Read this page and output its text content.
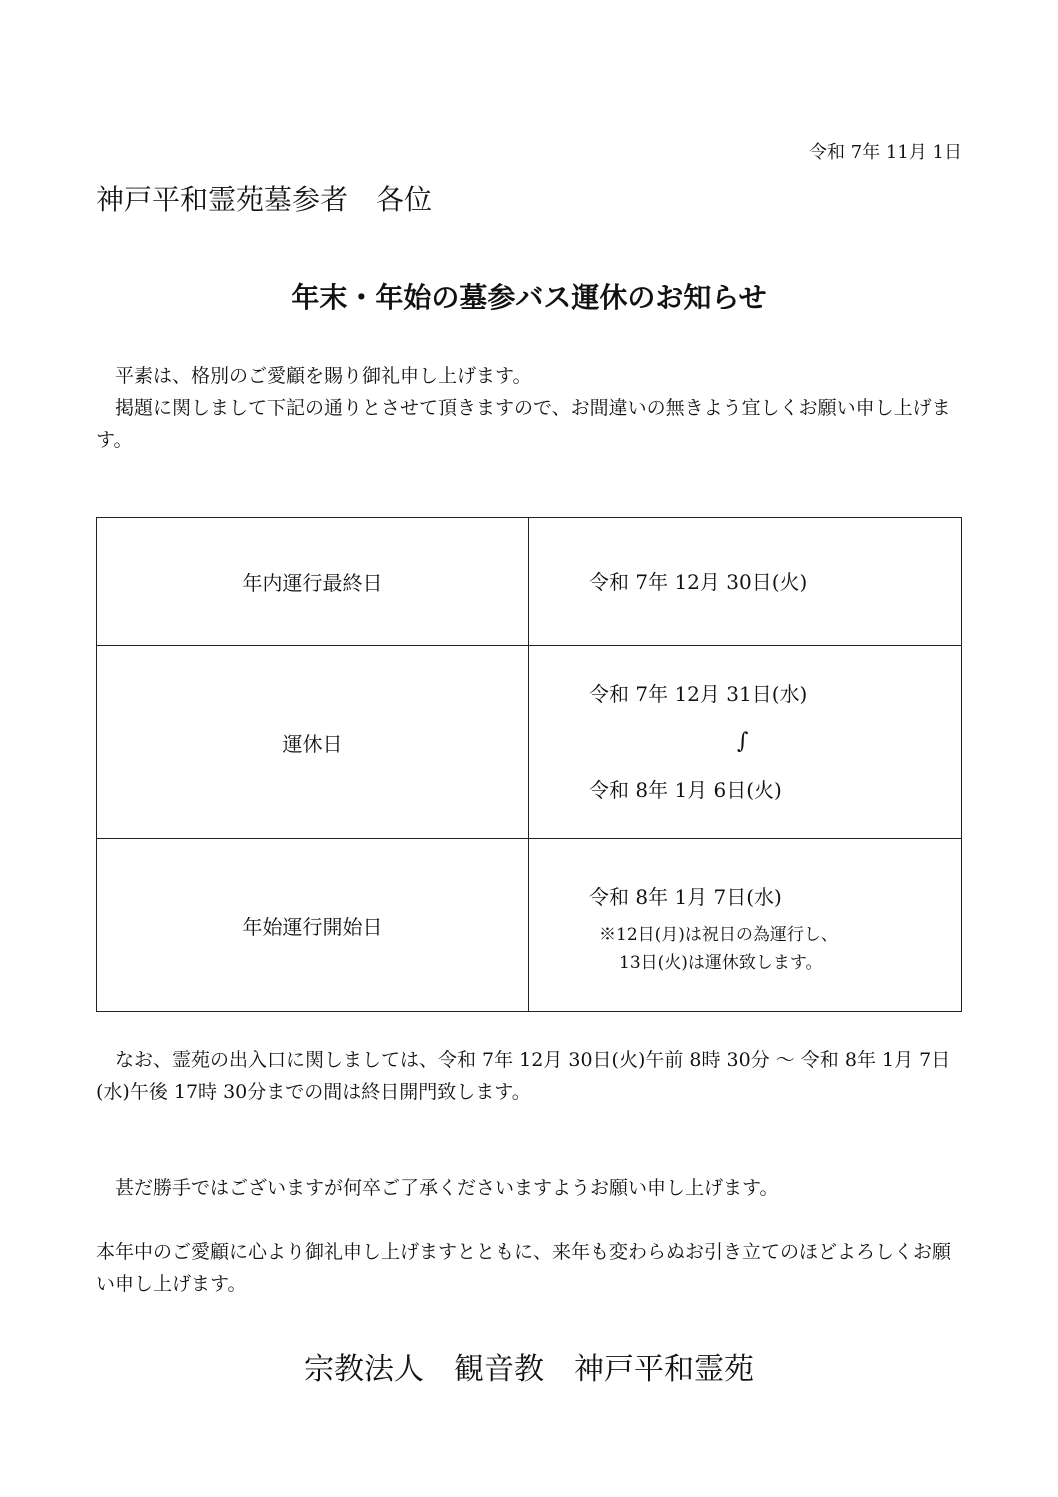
令和 7年 11月 1日
神戸平和霊苑墓参者　各位
年末・年始の墓参バス運休のお知らせ
　平素は、格別のご愛顧を賜り御礼申し上げます。
　掲題に関しまして下記の通りとさせて頂きますので、お間違いの無きよう宜しくお願い申し上げます。
年内運行最終日	令和 7年 12月 30日(火)

運休日	令和 7年 12月 31日(水)
∫
令和 8年 1月 6日(火)

年始運行開始日	令和 8年 1月 7日(水)
※12日(月)は祝日の為運行し、
13日(火)は運休致します。
　なお、霊苑の出入口に関しましては、令和 7年 12月 30日(火)午前 8時 30分 ～ 令和 8年 1月 7日(水)午後 17時 30分までの間は終日開門致します。
　甚だ勝手ではございますが何卒ご了承くださいますようお願い申し上げます。
本年中のご愛顧に心より御礼申し上げますとともに、来年も変わらぬお引き立てのほどよろしくお願い申し上げます。
宗教法人　観音教　神戸平和霊苑
